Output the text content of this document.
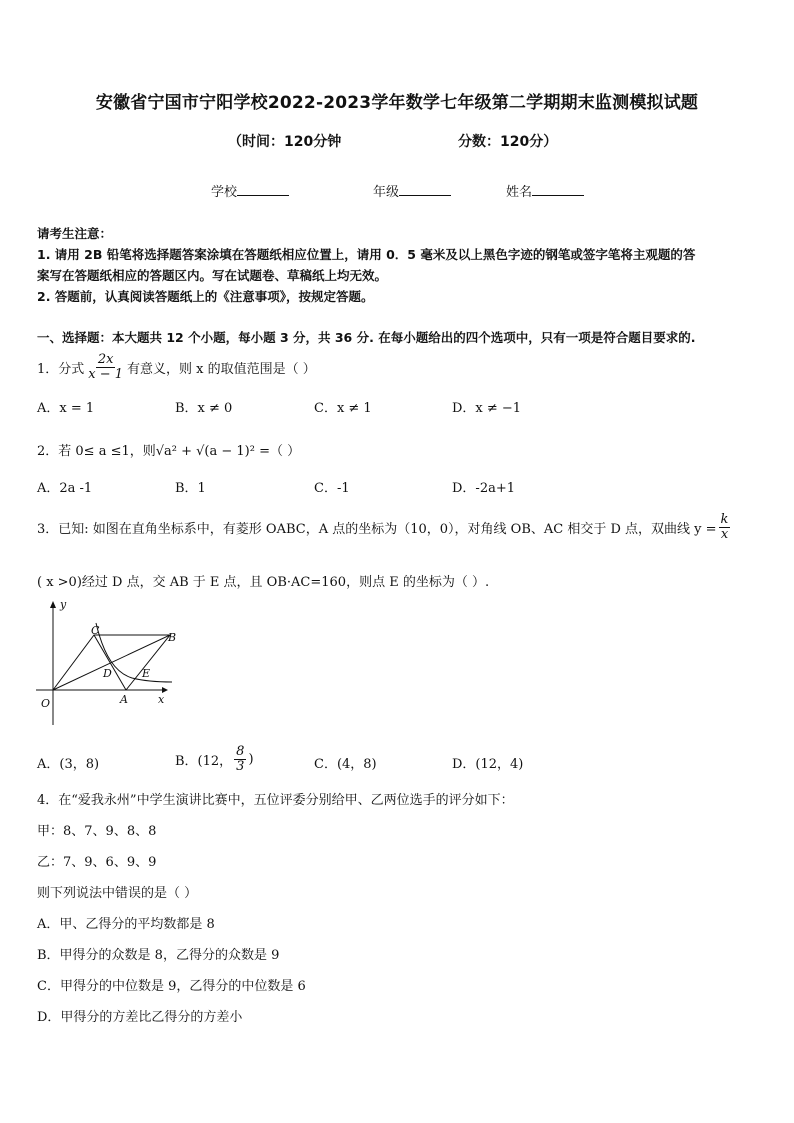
安徽省宁国市宁阳学校2022-2023学年数学七年级第二学期期末监测模拟试题
（时间：120分钟	分数：120分）
学校	年级	姓名
请考生注意：
1. 请用 2B 铅笔将选择题答案涂填在答题纸相应位置上，请用 0．5 毫米及以上黑色字迹的钢笔或签字笔将主观题的答
案写在答题纸相应的答题区内。写在试题卷、草稿纸上均无效。
2. 答题前，认真阅读答题纸上的《注意事项》，按规定答题。
一、选择题：本大题共 12 个小题，每小题 3 分，共 36 分. 在每小题给出的四个选项中，只有一项是符合题目要求的.
1．分式 $\frac{2x}{x - 1}$ 有意义，则 x 的取值范围是（ ）
A．x = 1	B．x ≠ 0	C．x ≠ 1	D．x ≠ −1
2．若 0≤ a ≤1，则√a² + √(a − 1)² =（ ）
A．2a -1	B．1	C．-1	D．-2a+1
3．已知: 如图在直角坐标系中，有菱形 OABC，A 点的坐标为（10，0），对角线 OB、AC 相交于 D 点，双曲线 $y = \frac{k}{x}$
( x >0)经过 D 点，交 AB 于 E 点，且 OB·AC=160，则点 E 的坐标为（ ）.
y
x
O	A
B
C
D	E
A．(3，8)	B．(12， $\frac{8}{3}$ )	C．(4，8)	D．(12，4)
4．在“爱我永州”中学生演讲比赛中，五位评委分别给甲、乙两位选手的评分如下：
甲：8、7、9、8、8
乙：7、9、6、9、9
则下列说法中错误的是（ ）
A．甲、乙得分的平均数都是 8
B．甲得分的众数是 8，乙得分的众数是 9
C．甲得分的中位数是 9，乙得分的中位数是 6
D．甲得分的方差比乙得分的方差小
